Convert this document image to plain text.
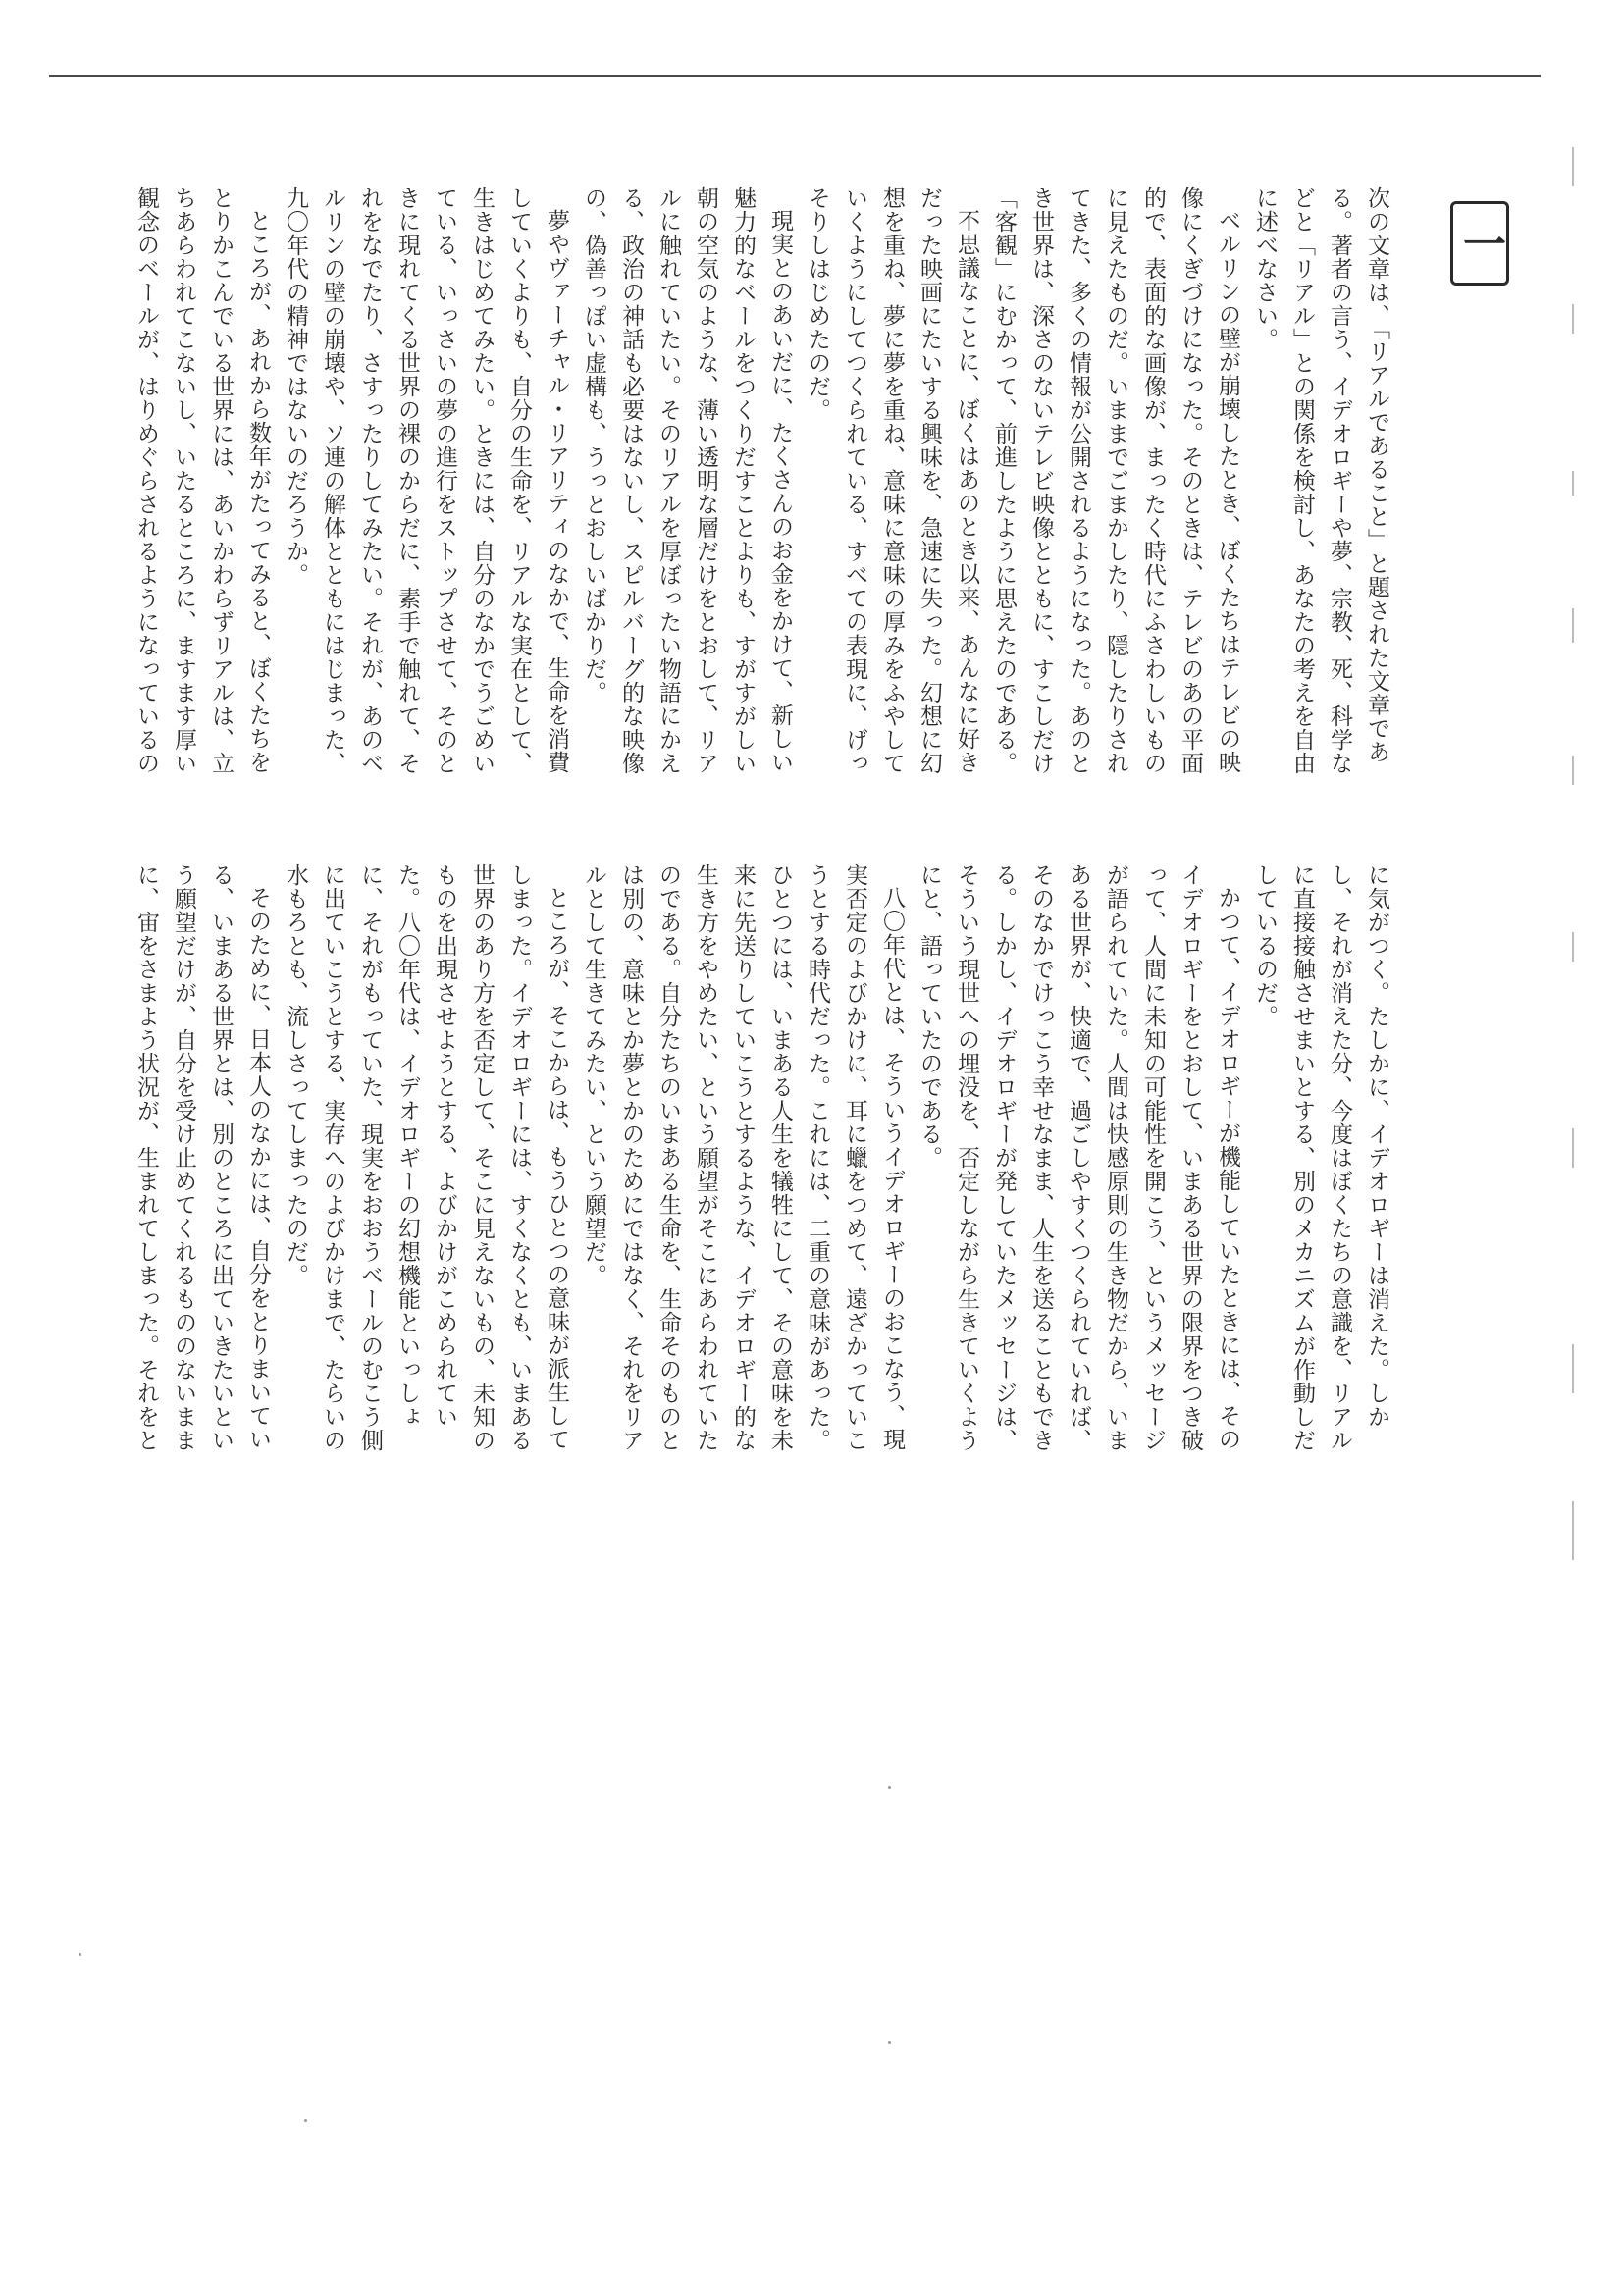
一

次の文章は、「リアルであること」と題された文章である。著者の言う、イデオロギーや夢、宗教、死、科学などと「リアル」との関係を検討し、あなたの考えを自由に述べなさい。

ベルリンの壁が崩壊したとき、ぼくたちはテレビの映像にくぎづけになった。そのときは、テレビのあの平面的で、表面的な画像が、まったく時代にふさわしいものに見えたものだ。いままでごまかしたり、隠したりされてきた、多くの情報が公開されるようになった。あのとき世界は、深さのないテレビ映像とともに、すこしだけ「客観」にむかって、前進したように思えたのである。

不思議なことに、ぼくはあのとき以来、あんなに好きだった映画にたいする興味を、急速に失った。幻想に幻想を重ね、夢に夢を重ね、意味に意味の厚みをふやしていくようにしてつくられている、すべての表現に、げっそりしはじめたのだ。

現実とのあいだに、たくさんのお金をかけて、新しい魅力的なベールをつくりだすことよりも、すがすがしい朝の空気のような、薄い透明な層だけをとおして、リアルに触れていたい。そのリアルを厚ぼったい物語にかえる、政治の神話も必要はないし、スピルバーグ的な映像の、偽善っぽい虚構も、うっとおしいばかりだ。

夢やヴァーチャル・リアリティのなかで、生命を消費していくよりも、自分の生命を、リアルな実在として、生きはじめてみたい。ときには、自分のなかでうごめいている、いっさいの夢の進行をストップさせて、そのときに現れてくる世界の裸のからだに、素手で触れて、それをなでたり、さすったりしてみたい。それが、あのベルリンの壁の崩壊や、ソ連の解体とともにはじまった、九〇年代の精神ではないのだろうか。

ところが、あれから数年がたってみると、ぼくたちをとりかこんでいる世界には、あいかわらずリアルは、立ちあらわれてこないし、いたるところに、ますます厚い観念のベールが、はりめぐらされるようになっているの

に気がつく。たしかに、イデオロギーは消えた。しかし、それが消えた分、今度はぼくたちの意識を、リアルに直接接触させまいとする、別のメカニズムが作動しだしているのだ。

かつて、イデオロギーが機能していたときには、そのイデオロギーをとおして、いまある世界の限界をつき破って、人間に未知の可能性を開こう、というメッセージが語られていた。人間は快感原則の生き物だから、いまある世界が、快適で、過ごしやすくつくられていれば、そのなかでけっこう幸せなまま、人生を送ることもできる。しかし、イデオロギーが発していたメッセージは、そういう現世への埋没を、否定しながら生きていくようにと、語っていたのである。

八〇年代とは、そういうイデオロギーのおこなう、現実否定のよびかけに、耳に蠟をつめて、遠ざかっていこうとする時代だった。これには、二重の意味があった。ひとつには、いまある人生を犠牲にして、その意味を未来に先送りしていこうとするような、イデオロギー的な生き方をやめたい、という願望がそこにあらわれていたのである。自分たちのいまある生命を、生命そのものとは別の、意味とか夢とかのためにではなく、それをリアルとして生きてみたい、という願望だ。

ところが、そこからは、もうひとつの意味が派生してしまった。イデオロギーには、すくなくとも、いまある世界のあり方を否定して、そこに見えないもの、未知のものを出現させようとする、よびかけがこめられていた。八〇年代は、イデオロギーの幻想機能といっしょに、それがもっていた、現実をおおうベールのむこう側に出ていこうとする、実存へのよびかけまで、たらいの水もろとも、流しさってしまったのだ。

そのために、日本人のなかには、自分をとりまいている、いまある世界とは、別のところに出ていきたいという願望だけが、自分を受け止めてくれるもののないままに、宙をさまよう状況が、生まれてしまった。それをと
